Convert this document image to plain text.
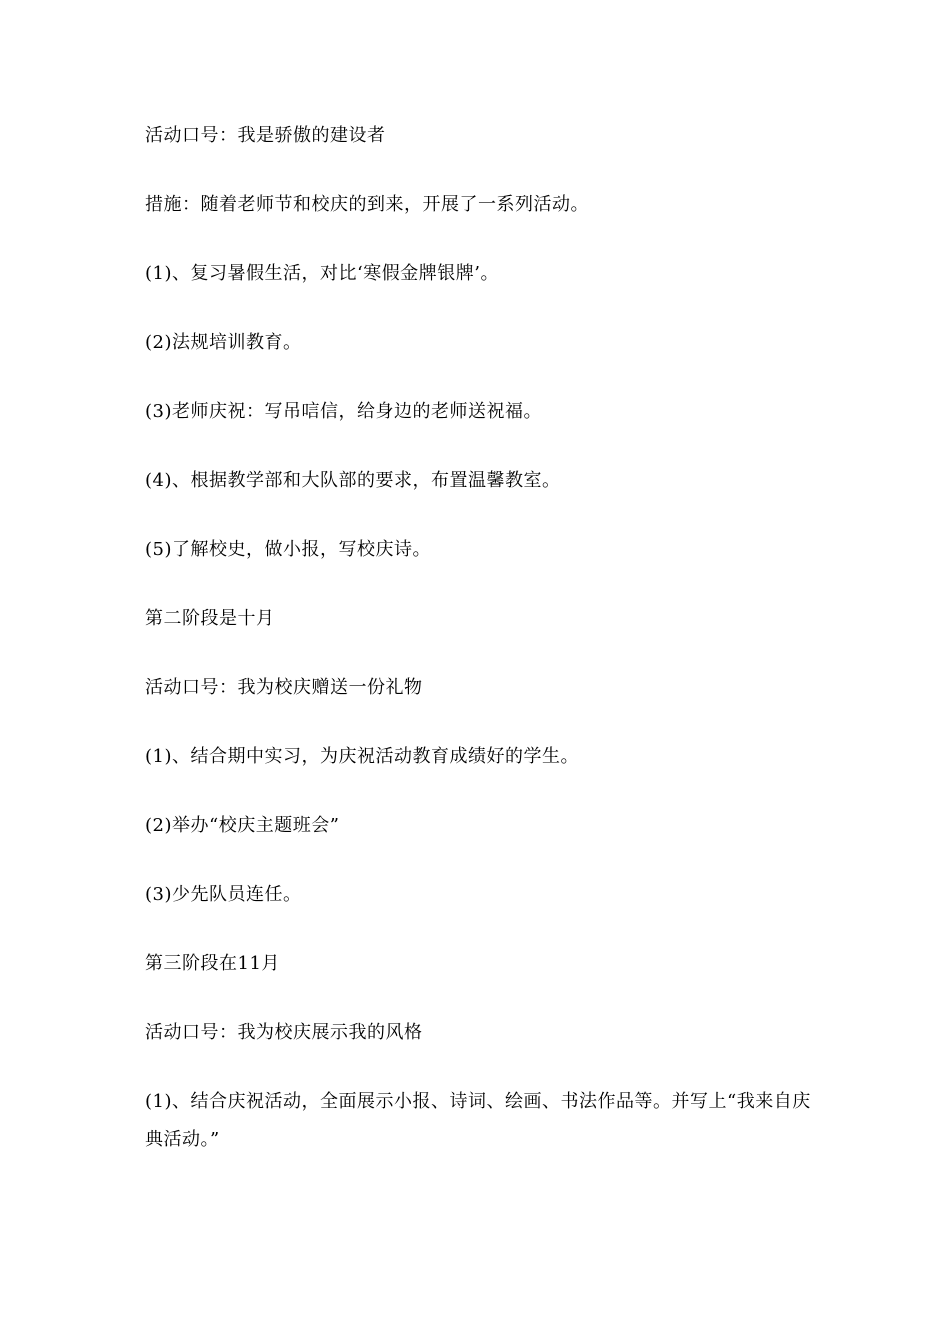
活动口号：我是骄傲的建设者

措施：随着老师节和校庆的到来，开展了一系列活动。

(1)、复习暑假生活，对比‘寒假金牌银牌’。

(2)法规培训教育。

(3)老师庆祝：写吊唁信，给身边的老师送祝福。

(4)、根据教学部和大队部的要求，布置温馨教室。

(5)了解校史，做小报，写校庆诗。

第二阶段是十月

活动口号：我为校庆赠送一份礼物

(1)、结合期中实习，为庆祝活动教育成绩好的学生。

(2)举办“校庆主题班会”

(3)少先队员连任。

第三阶段在11月

活动口号：我为校庆展示我的风格

(1)、结合庆祝活动，全面展示小报、诗词、绘画、书法作品等。并写上“我来自庆典活动。”
